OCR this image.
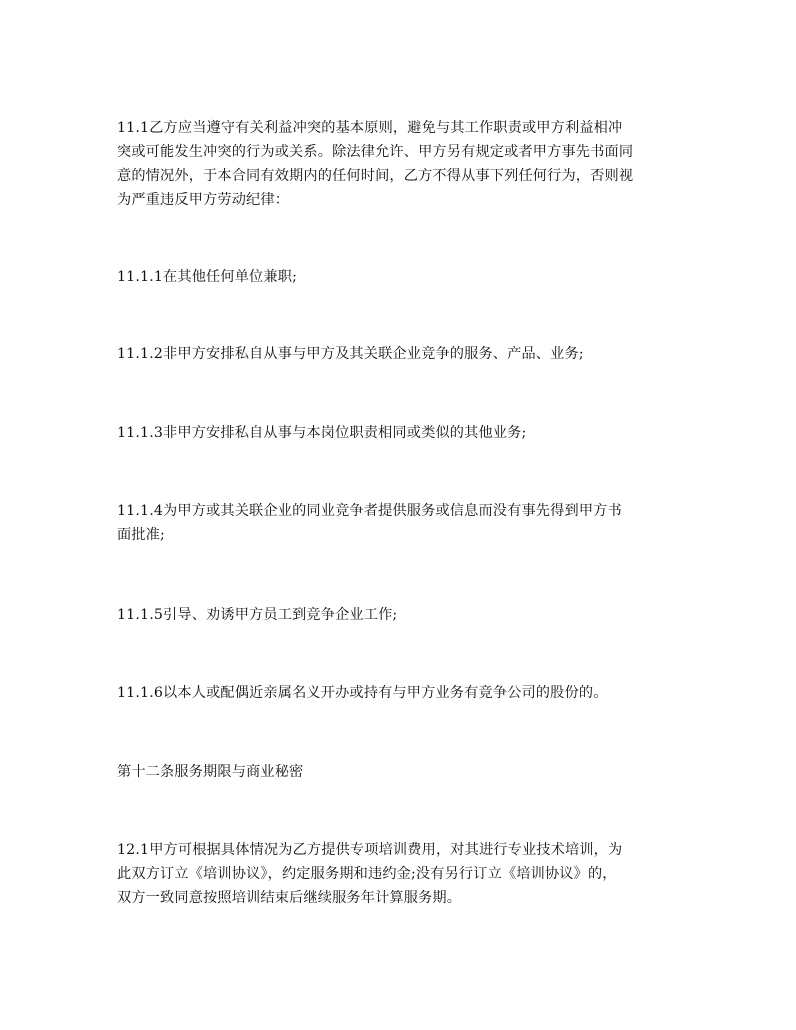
11.1乙方应当遵守有关利益冲突的基本原则，避免与其工作职责或甲方利益相冲
突或可能发生冲突的行为或关系。除法律允许、甲方另有规定或者甲方事先书面同
意的情况外，于本合同有效期内的任何时间，乙方不得从事下列任何行为，否则视
为严重违反甲方劳动纪律：
11.1.1在其他任何单位兼职;
11.1.2非甲方安排私自从事与甲方及其关联企业竞争的服务、产品、业务;
11.1.3非甲方安排私自从事与本岗位职责相同或类似的其他业务;
11.1.4为甲方或其关联企业的同业竞争者提供服务或信息而没有事先得到甲方书
面批准;
11.1.5引导、劝诱甲方员工到竞争企业工作;
11.1.6以本人或配偶近亲属名义开办或持有与甲方业务有竞争公司的股份的。
第十二条服务期限与商业秘密
12.1甲方可根据具体情况为乙方提供专项培训费用，对其进行专业技术培训，为
此双方订立《培训协议》，约定服务期和违约金;没有另行订立《培训协议》的，
双方一致同意按照培训结束后继续服务年计算服务期。
